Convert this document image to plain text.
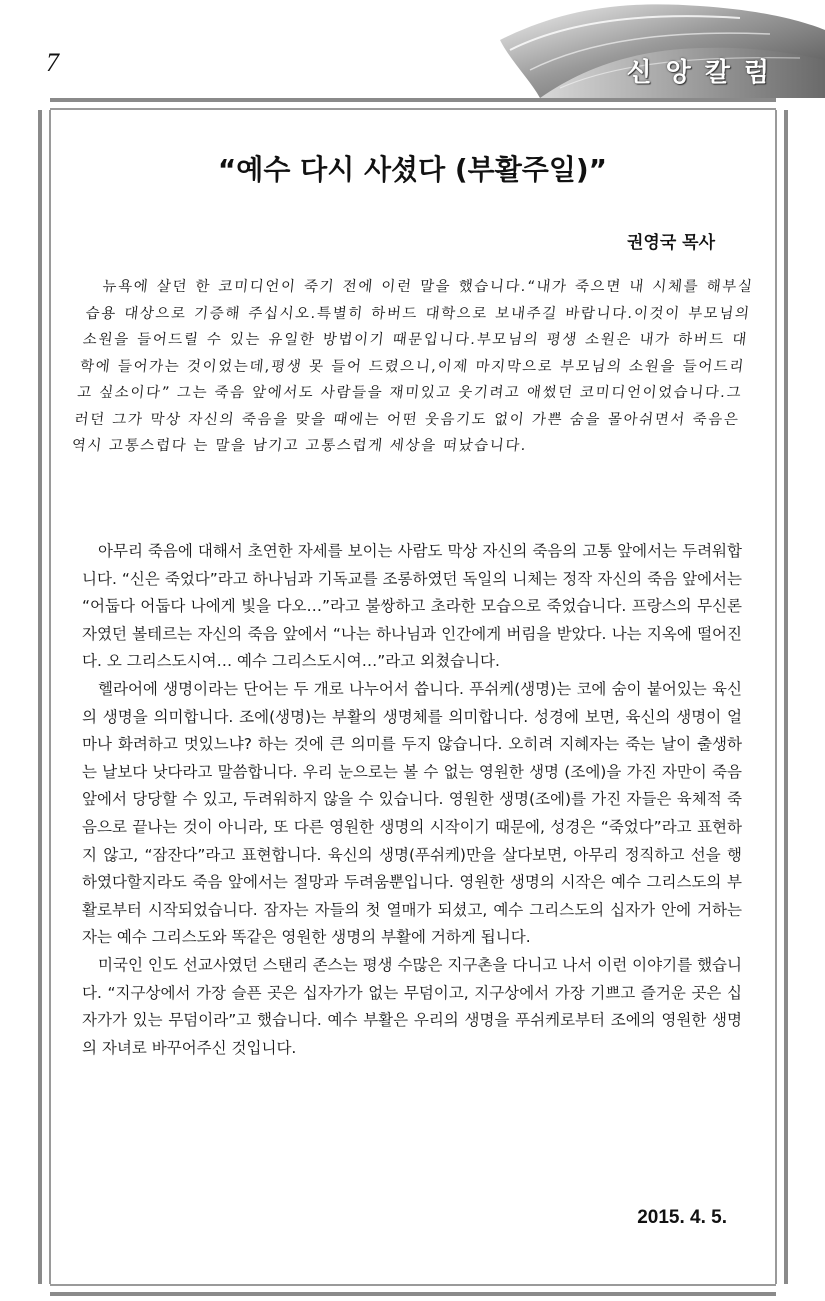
7	신앙칼럼
“예수 다시 사셨다 (부활주일)”
권영국 목사
뉴욕에 살던 한 코미디언이 죽기 전에 이런 말을 했습니다.“내가 죽으면 내 시체를 해부실습용 대상으로 기증해 주십시오.특별히 하버드 대학으로 보내주길 바랍니다.이것이 부모님의 소원을 들어드릴 수 있는 유일한 방법이기 때문입니다.부모님의 평생 소원은 내가 하버드 대학에 들어가는 것이었는데,평생 못 들어 드렸으니,이제 마지막으로 부모님의 소원을 들어드리고 싶소이다” 그는 죽음 앞에서도 사람들을 재미있고 웃기려고 애썼던 코미디언이었습니다.그러던 그가 막상 자신의 죽음을 맞을 때에는 어떤 웃음기도 없이 가쁜 숨을 몰아쉬면서 죽음은 역시 고통스럽다 는 말을 남기고 고통스럽게 세상을 떠났습니다.

아무리 죽음에 대해서 초연한 자세를 보이는 사람도 막상 자신의 죽음의 고통 앞에서는 두려워합니다. “신은 죽었다”라고 하나님과 기독교를 조롱하였던 독일의 니체는 정작 자신의 죽음 앞에서는 “어둡다 어둡다 나에게 빛을 다오…”라고 불쌍하고 초라한 모습으로 죽었습니다. 프랑스의 무신론자였던 볼테르는 자신의 죽음 앞에서 “나는 하나님과 인간에게 버림을 받았다. 나는 지옥에 떨어진다. 오 그리스도시여… 예수 그리스도시여…”라고 외쳤습니다.

헬라어에 생명이라는 단어는 두 개로 나누어서 씁니다. 푸쉬케(생명)는 코에 숨이 붙어있는 육신의 생명을 의미합니다. 조에(생명)는 부활의 생명체를 의미합니다. 성경에 보면, 육신의 생명이 얼마나 화려하고 멋있느냐? 하는 것에 큰 의미를 두지 않습니다. 오히려 지혜자는 죽는 날이 출생하는 날보다 낫다라고 말씀합니다. 우리 눈으로는 볼 수 없는 영원한 생명 (조에)을 가진 자만이 죽음 앞에서 당당할 수 있고, 두려워하지 않을 수 있습니다. 영원한 생명(조에)를 가진 자들은 육체적 죽음으로 끝나는 것이 아니라, 또 다른 영원한 생명의 시작이기 때문에, 성경은 “죽었다”라고 표현하지 않고, “잠잔다”라고 표현합니다. 육신의 생명(푸쉬케)만을 살다보면, 아무리 정직하고 선을 행하였다할지라도 죽음 앞에서는 절망과 두려움뿐입니다. 영원한 생명의 시작은 예수 그리스도의 부활로부터 시작되었습니다. 잠자는 자들의 첫 열매가 되셨고, 예수 그리스도의 십자가 안에 거하는 자는 예수 그리스도와 똑같은 영원한 생명의 부활에 거하게 됩니다.

미국인 인도 선교사였던 스탠리 존스는 평생 수많은 지구촌을 다니고 나서 이런 이야기를 했습니다. “지구상에서 가장 슬픈 곳은 십자가가 없는 무덤이고, 지구상에서 가장 기쁘고 즐거운 곳은 십자가가 있는 무덤이라”고 했습니다. 예수 부활은 우리의 생명을 푸쉬케로부터 조에의 영원한 생명의 자녀로 바꾸어주신 것입니다.

2015. 4. 5.
